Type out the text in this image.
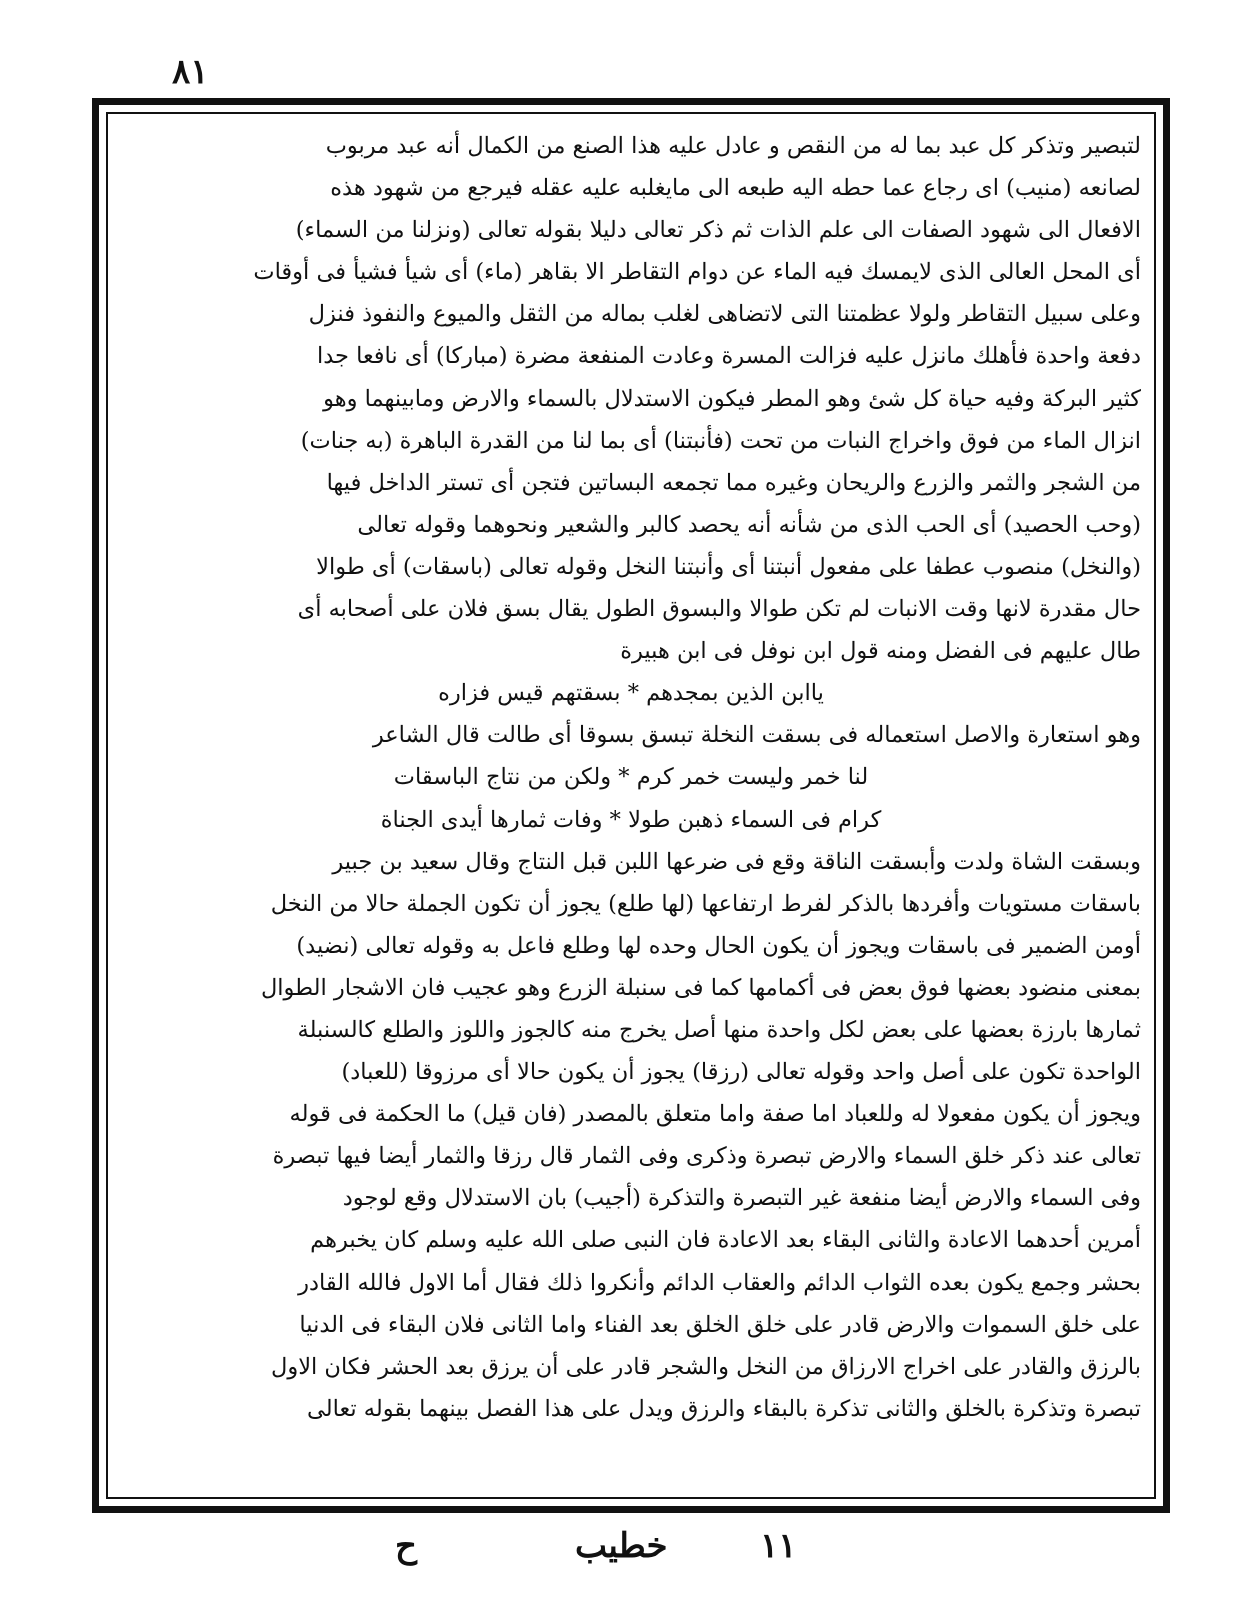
٨١
لتبصير وتذكر كل عبد بما له من النقص و عادل عليه هذا الصنع من الكمال أنه عبد مربوب
لصانعه (منيب) اى رجاع عما حطه اليه طبعه الى مايغلبه عليه عقله فيرجع من شهود هذه
الافعال الى شهود الصفات الى علم الذات ثم ذكر تعالى دليلا بقوله تعالى (ونزلنا من السماء)
أى المحل العالى الذى لايمسك فيه الماء عن دوام التقاطر الا بقاهر (ماء) أى شيأ فشيأ فى أوقات
وعلى سبيل التقاطر ولولا عظمتنا التى لاتضاهى لغلب بماله من الثقل والميوع والنفوذ فنزل
دفعة واحدة فأهلك مانزل عليه فزالت المسرة وعادت المنفعة مضرة (مباركا) أى نافعا جدا
كثير البركة وفيه حياة كل شئ وهو المطر فيكون الاستدلال بالسماء والارض ومابينهما وهو
انزال الماء من فوق واخراج النبات من تحت (فأنبتنا) أى بما لنا من القدرة الباهرة (به جنات)
من الشجر والثمر والزرع والريحان وغيره مما تجمعه البساتين فتجن أى تستر الداخل فيها
(وحب الحصيد) أى الحب الذى من شأنه أنه يحصد كالبر والشعير ونحوهما وقوله تعالى
(والنخل) منصوب عطفا على مفعول أنبتنا أى وأنبتنا النخل وقوله تعالى (باسقات) أى طوالا
حال مقدرة لانها وقت الانبات لم تكن طوالا والبسوق الطول يقال بسق فلان على أصحابه أى
طال عليهم فى الفضل ومنه قول ابن نوفل فى ابن هبيرة
ياابن الذين بمجدهم * بسقتهم قيس فزاره
وهو استعارة والاصل استعماله فى بسقت النخلة تبسق بسوقا أى طالت قال الشاعر
لنا خمر وليست خمر كرم * ولكن من نتاج الباسقات
كرام فى السماء ذهبن طولا * وفات ثمارها أيدى الجناة
وبسقت الشاة ولدت وأبسقت الناقة وقع فى ضرعها اللبن قبل النتاج وقال سعيد بن جبير
باسقات مستويات وأفردها بالذكر لفرط ارتفاعها (لها طلع) يجوز أن تكون الجملة حالا من النخل
أومن الضمير فى باسقات ويجوز أن يكون الحال وحده لها وطلع فاعل به وقوله تعالى (نضيد)
بمعنى منضود بعضها فوق بعض فى أكمامها كما فى سنبلة الزرع وهو عجيب فان الاشجار الطوال
ثمارها بارزة بعضها على بعض لكل واحدة منها أصل يخرج منه كالجوز واللوز والطلع كالسنبلة
الواحدة تكون على أصل واحد وقوله تعالى (رزقا) يجوز أن يكون حالا أى مرزوقا (للعباد)
ويجوز أن يكون مفعولا له وللعباد اما صفة واما متعلق بالمصدر (فان قيل) ما الحكمة فى قوله
تعالى عند ذكر خلق السماء والارض تبصرة وذكرى وفى الثمار قال رزقا والثمار أيضا فيها تبصرة
وفى السماء والارض أيضا منفعة غير التبصرة والتذكرة (أجيب) بان الاستدلال وقع لوجود
أمرين أحدهما الاعادة والثانى البقاء بعد الاعادة فان النبى صلى الله عليه وسلم كان يخبرهم
بحشر وجمع يكون بعده الثواب الدائم والعقاب الدائم وأنكروا ذلك فقال أما الاول فالله القادر
على خلق السموات والارض قادر على خلق الخلق بعد الفناء واما الثانى فلان البقاء فى الدنيا
بالرزق والقادر على اخراج الارزاق من النخل والشجر قادر على أن يرزق بعد الحشر فكان الاول
تبصرة وتذكرة بالخلق والثانى تذكرة بالبقاء والرزق ويدل على هذا الفصل بينهما بقوله تعالى
١١
خطيب
ح
